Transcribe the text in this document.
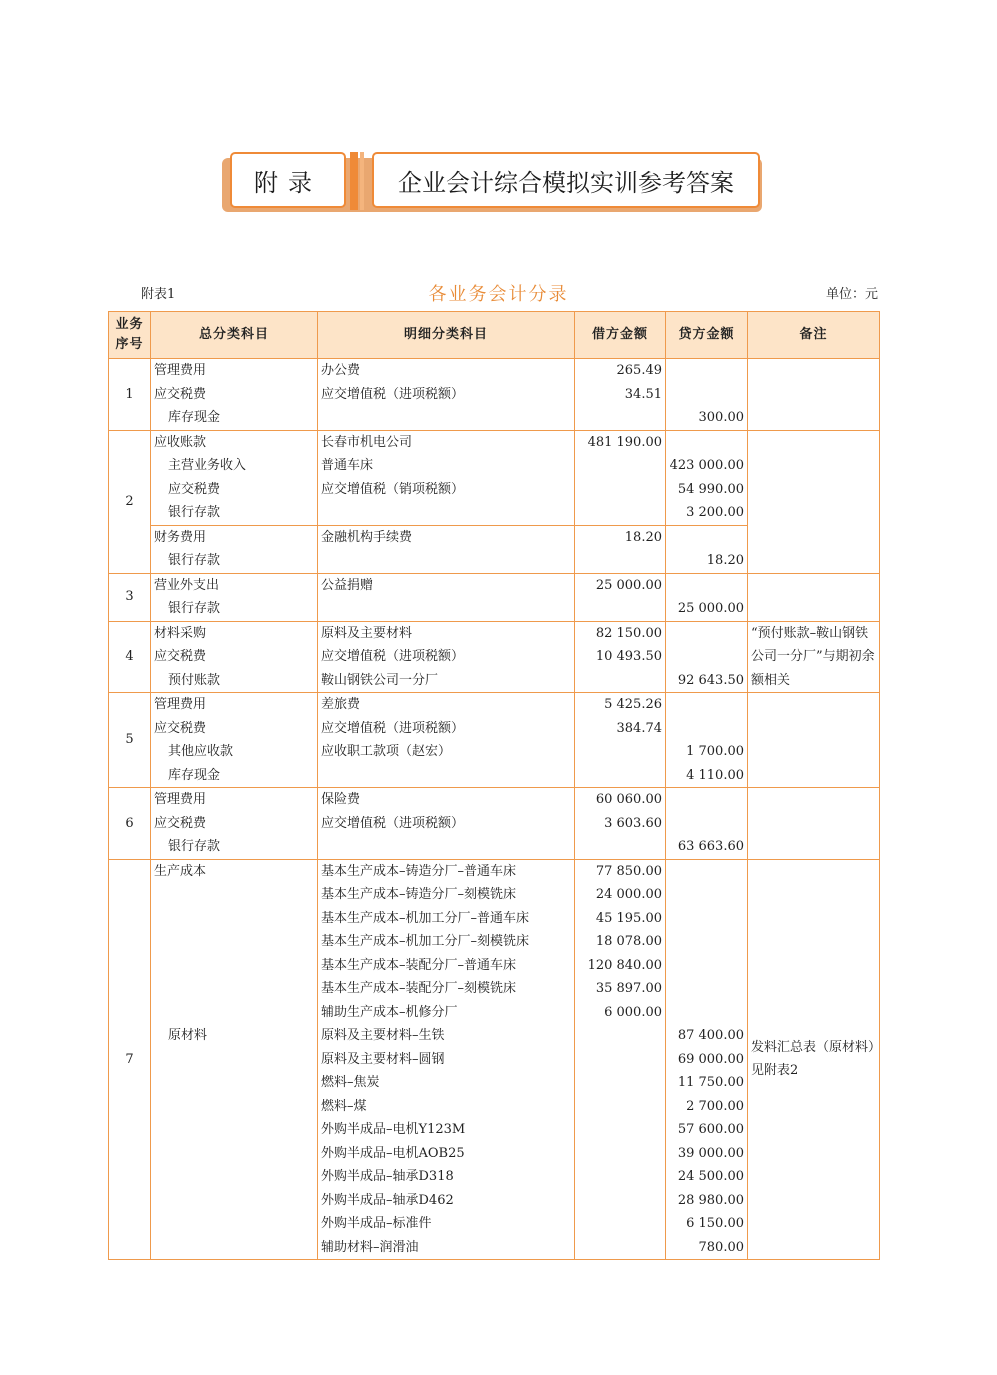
附录	企业会计综合模拟实训参考答案
附表1	各业务会计分录	单位：元
业务
序号	总分类科目	明细分类科目	借方金额	贷方金额	备注
1	管理费用	办公费	265.49		
	应交税费	应交增值税（进项税额）	34.51		
	库存现金			300.00	
2	应收账款	长春市机电公司	481 190.00		
	主营业务收入	普通车床		423 000.00	
	应交税费	应交增值税（销项税额）		54 990.00	
	银行存款			3 200.00	
	财务费用	金融机构手续费	18.20		
	银行存款			18.20	
3	营业外支出	公益捐赠	25 000.00		
	银行存款			25 000.00	
4	材料采购	原料及主要材料	82 150.00		“预付账款–鞍山钢铁公司一分厂”与期初余额相关
	应交税费	应交增值税（进项税额）	10 493.50		
	预付账款	鞍山钢铁公司一分厂		92 643.50	
5	管理费用	差旅费	5 425.26		
	应交税费	应交增值税（进项税额）	384.74		
	其他应收款	应收职工款项（赵宏）		1 700.00	
	库存现金			4 110.00	
6	管理费用	保险费	60 060.00		
	应交税费	应交增值税（进项税额）	3 603.60		
	银行存款			63 663.60	
7	生产成本	基本生产成本–铸造分厂–普通车床	77 850.00		发料汇总表（原材料）见附表2
		基本生产成本–铸造分厂–刻模铣床	24 000.00		
		基本生产成本–机加工分厂–普通车床	45 195.00		
		基本生产成本–机加工分厂–刻模铣床	18 078.00		
		基本生产成本–装配分厂–普通车床	120 840.00		
		基本生产成本–装配分厂–刻模铣床	35 897.00		
		辅助生产成本–机修分厂	6 000.00		
	原材料	原料及主要材料–生铁		87 400.00	
		原料及主要材料–圆钢		69 000.00	
		燃料–焦炭		11 750.00	
		燃料–煤		2 700.00	
		外购半成品–电机Y123M		57 600.00	
		外购半成品–电机AOB25		39 000.00	
		外购半成品–轴承D318		24 500.00	
		外购半成品–轴承D462		28 980.00	
		外购半成品–标准件		6 150.00	
		辅助材料–润滑油		780.00	
